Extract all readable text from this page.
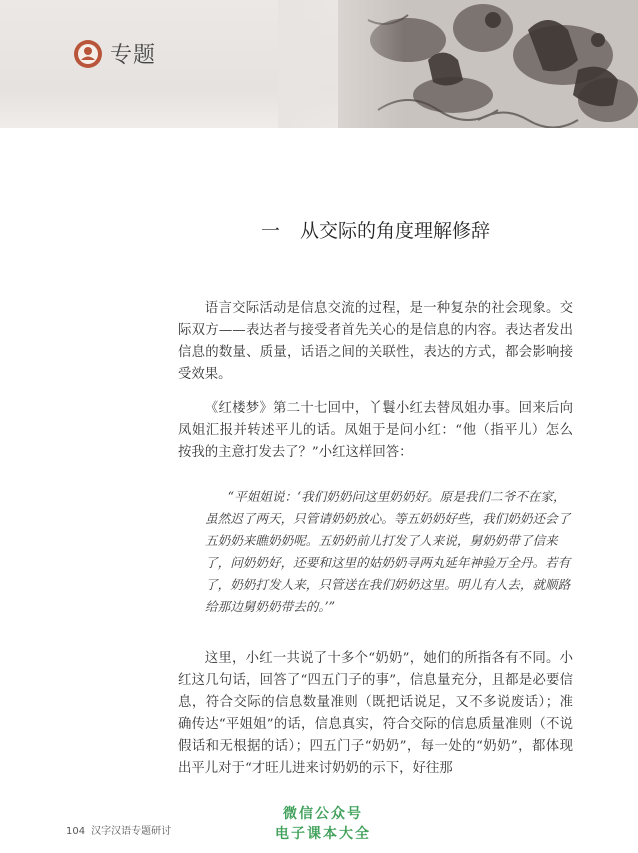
专题
一 从交际的角度理解修辞
语言交际活动是信息交流的过程，是一种复杂的社会现象。交际双方——表达者与接受者首先关心的是信息的内容。表达者发出信息的数量、质量，话语之间的关联性，表达的方式，都会影响接受效果。
《红楼梦》第二十七回中，丫鬟小红去替凤姐办事。回来后向凤姐汇报并转述平儿的话。凤姐于是问小红：“他（指平儿）怎么按我的主意打发去了？”小红这样回答：
“平姐姐说：‘我们奶奶问这里奶奶好。原是我们二爷不在家，虽然迟了两天，只管请奶奶放心。等五奶奶好些，我们奶奶还会了五奶奶来瞧奶奶呢。五奶奶前儿打发了人来说，舅奶奶带了信来了，问奶奶好，还要和这里的姑奶奶寻两丸延年神验万全丹。若有了，奶奶打发人来，只管送在我们奶奶这里。明儿有人去，就顺路给那边舅奶奶带去的。’”
这里，小红一共说了十多个“奶奶”，她们的所指各有不同。小红这几句话，回答了“四五门子的事”，信息量充分，且都是必要信息，符合交际的信息数量准则（既把话说足，又不多说废话）；准确传达“平姐姐”的话，信息真实，符合交际的信息质量准则（不说假话和无根据的话）；四五门子“奶奶”，每一处的“奶奶”，都体现出平儿对于“才旺儿进来讨奶奶的示下，好往那
104 汉字汉语专题研讨
微信公众号
电子课本大全
